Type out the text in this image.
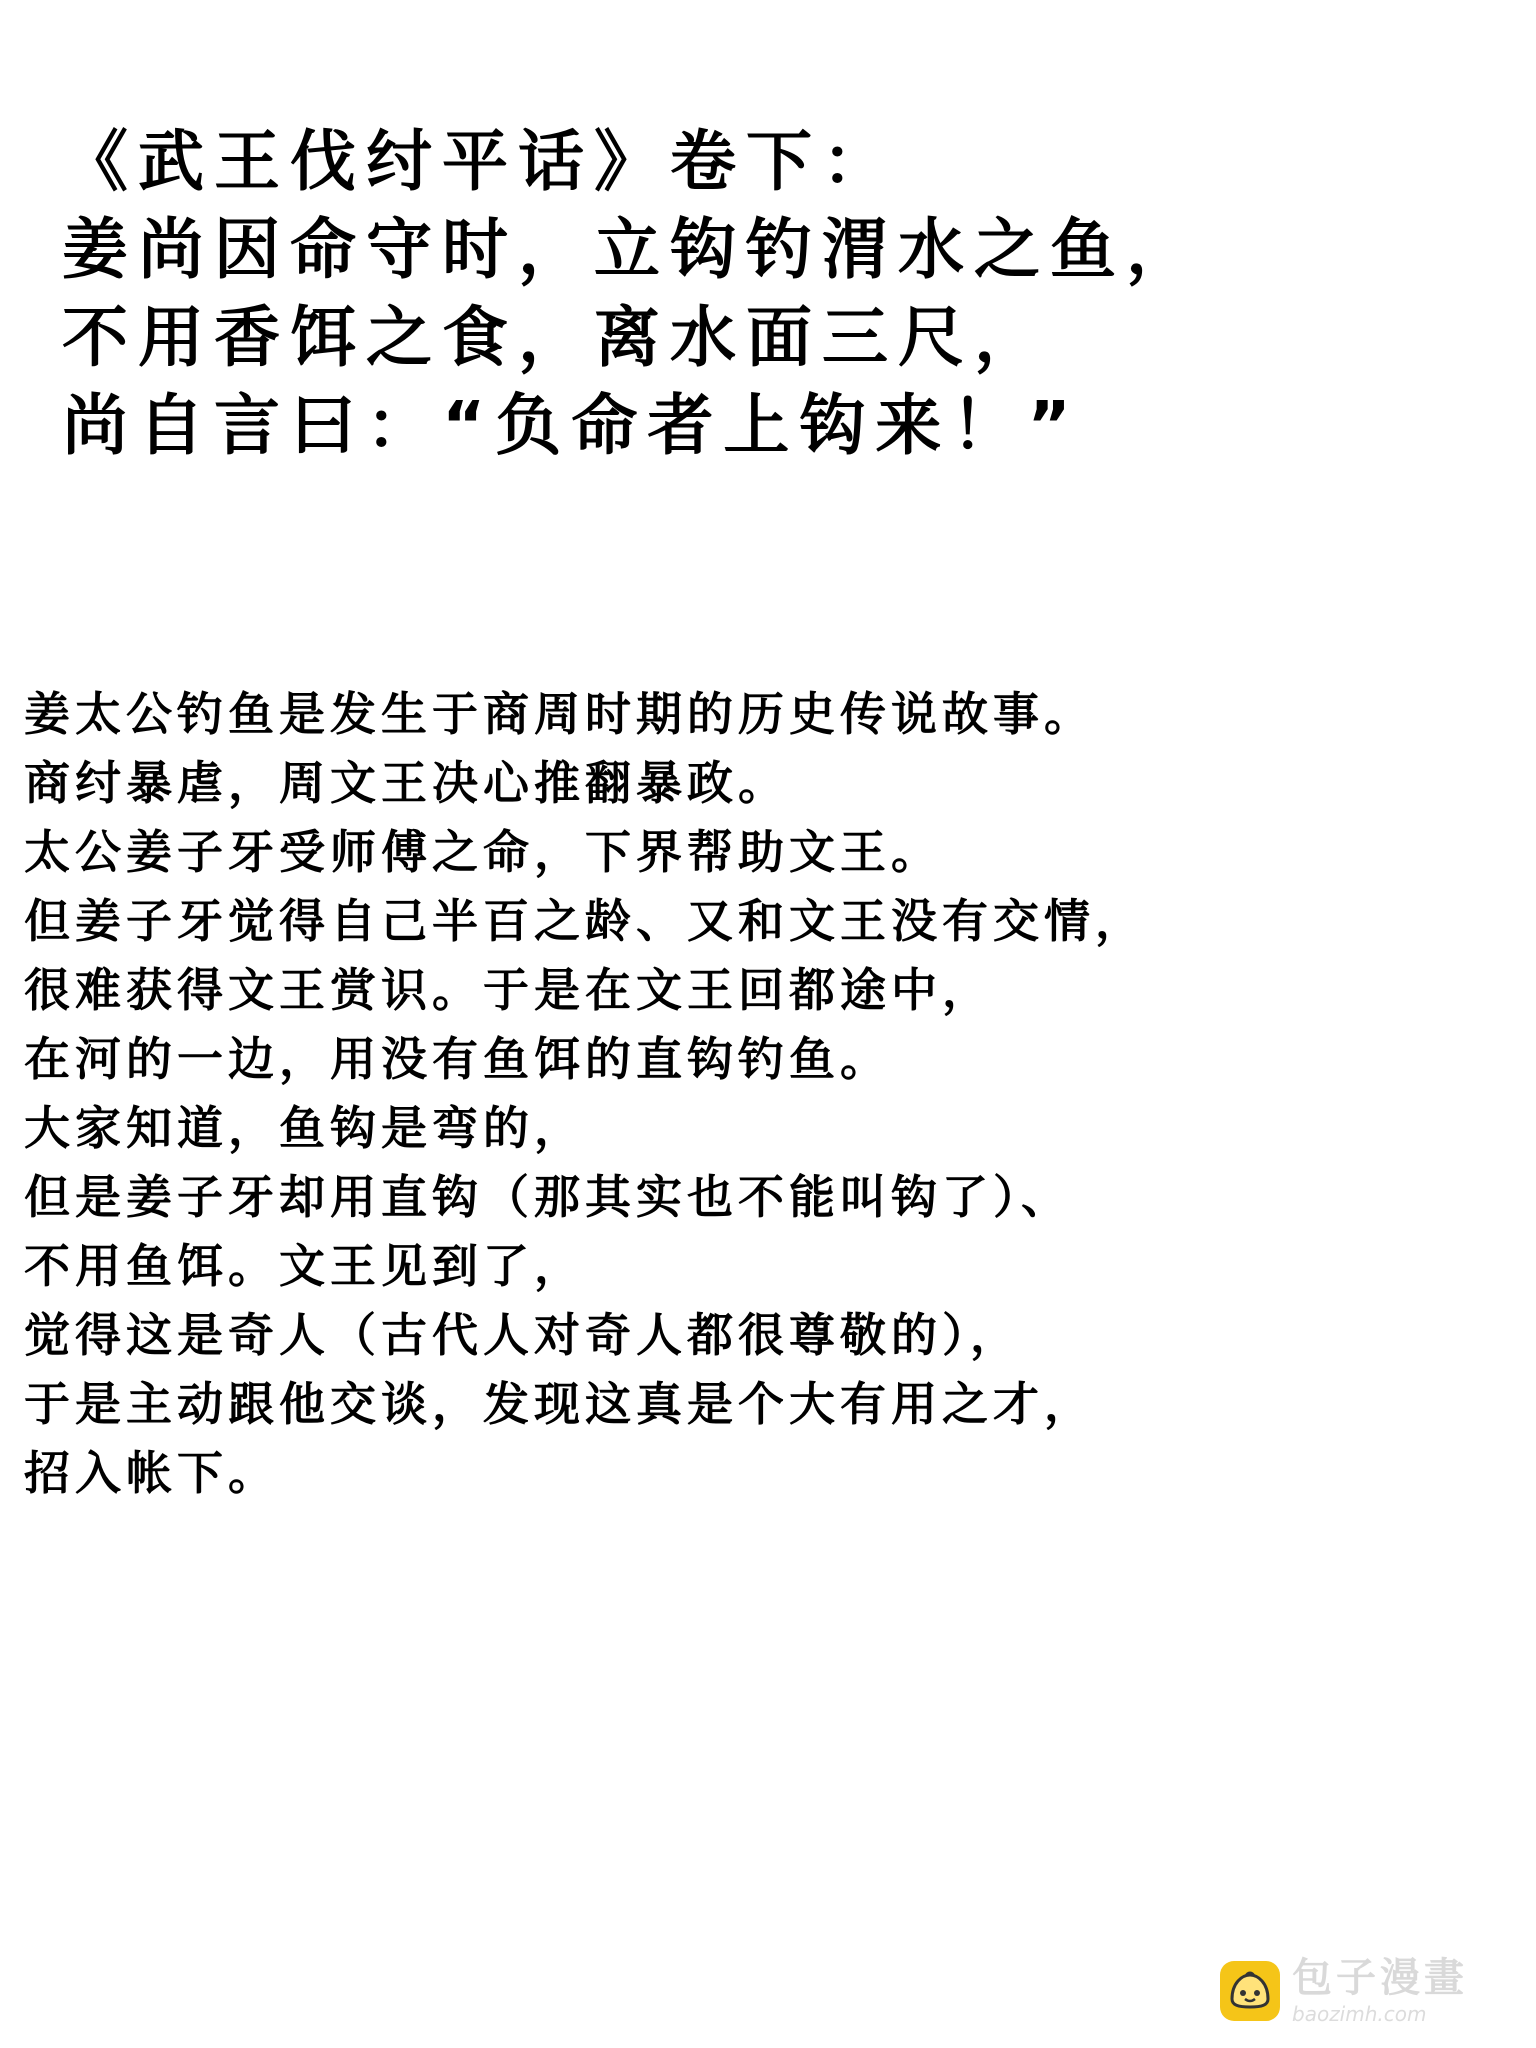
《武王伐纣平话》卷下：
姜尚因命守时，立钩钓渭水之鱼，
不用香饵之食，离水面三尺，
尚自言曰：“负命者上钩来！”
姜太公钓鱼是发生于商周时期的历史传说故事。
商纣暴虐，周文王决心推翻暴政。
太公姜子牙受师傅之命，下界帮助文王。
但姜子牙觉得自己半百之龄、又和文王没有交情，
很难获得文王赏识。于是在文王回都途中，
在河的一边，用没有鱼饵的直钩钓鱼。
大家知道，鱼钩是弯的，
但是姜子牙却用直钩（那其实也不能叫钩了）、
不用鱼饵。文王见到了，
觉得这是奇人（古代人对奇人都很尊敬的），
于是主动跟他交谈，发现这真是个大有用之才，
招入帐下。
包子漫畫
baozimh.com
